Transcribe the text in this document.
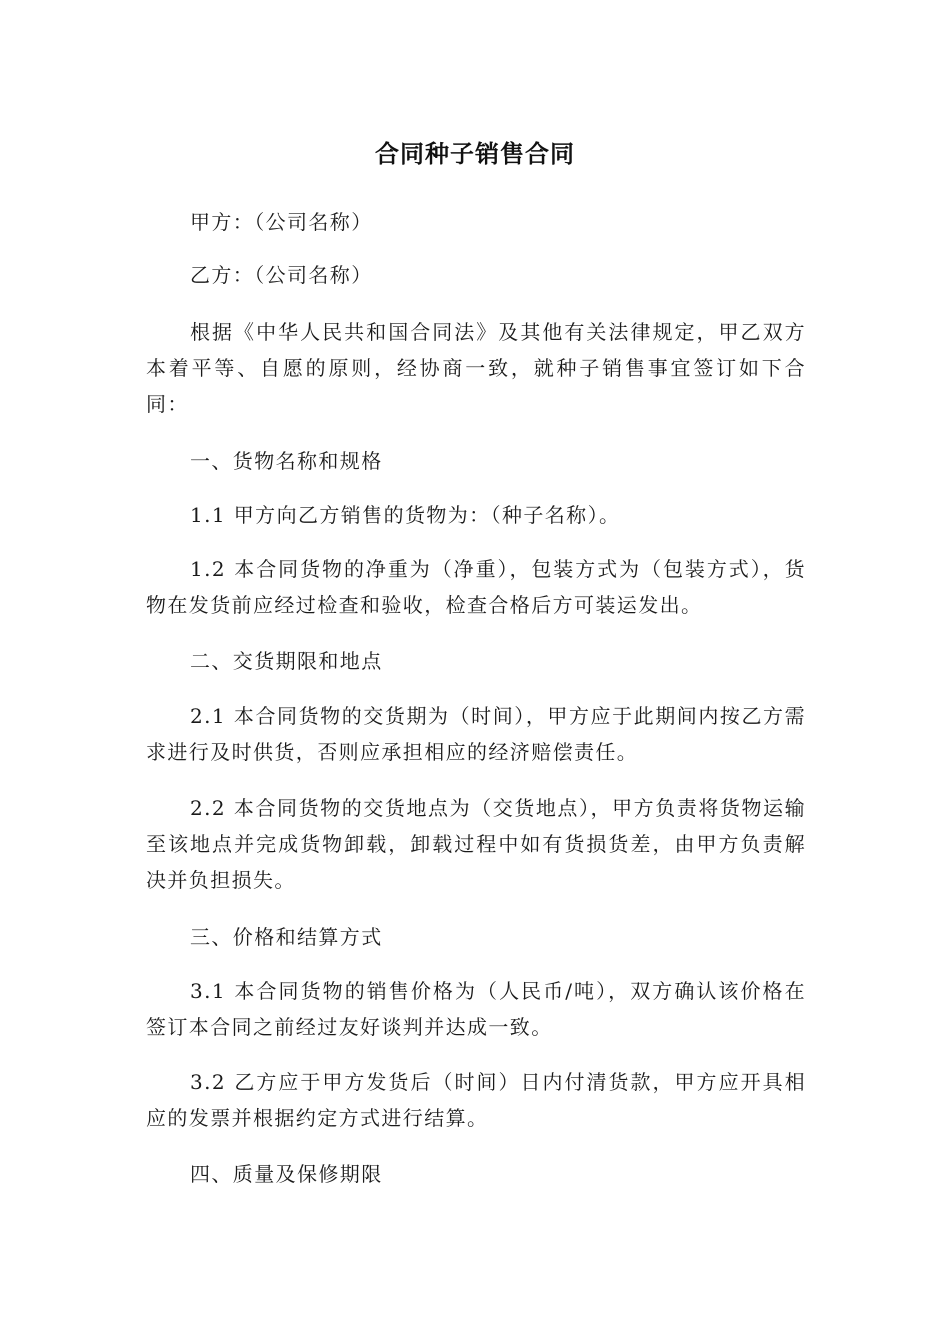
合同种子销售合同

甲方：（公司名称）

乙方：（公司名称）

根据《中华人民共和国合同法》及其他有关法律规定，甲乙双方本着平等、自愿的原则，经协商一致，就种子销售事宜签订如下合同：

一、货物名称和规格

1.1 甲方向乙方销售的货物为：（种子名称）。

1.2 本合同货物的净重为（净重），包装方式为（包装方式），货物在发货前应经过检查和验收，检查合格后方可装运发出。

二、交货期限和地点

2.1 本合同货物的交货期为（时间），甲方应于此期间内按乙方需求进行及时供货，否则应承担相应的经济赔偿责任。

2.2 本合同货物的交货地点为（交货地点），甲方负责将货物运输至该地点并完成货物卸载，卸载过程中如有货损货差，由甲方负责解决并负担损失。

三、价格和结算方式

3.1 本合同货物的销售价格为（人民币/吨），双方确认该价格在签订本合同之前经过友好谈判并达成一致。

3.2 乙方应于甲方发货后（时间）日内付清货款，甲方应开具相应的发票并根据约定方式进行结算。

四、质量及保修期限
